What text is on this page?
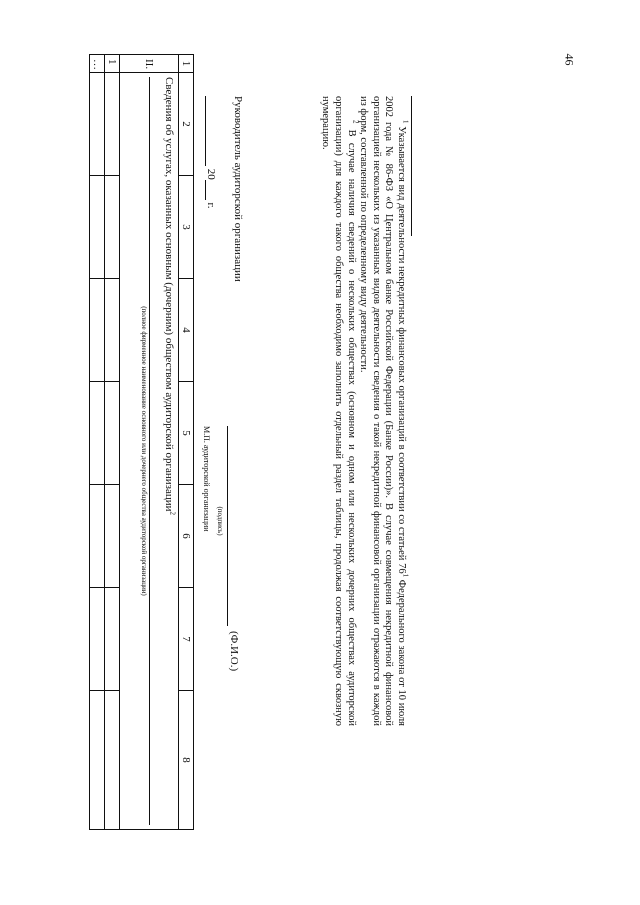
46
1	2	3	4	5	6	7	8
II.	Сведения об услугах, оказанных основным (дочерним) обществом аудиторской организации$^2$
(полное фирменное наименование основного или дочернего общества аудиторской организации)						

1							
…							
Руководитель аудиторской организации
(Ф.И.О.)
(подпись)
М.П. аудиторской организации
20 г.

$^1$ Указывается вид деятельности некредитных финансовых организаций в соответствии со статьей $76^1$ Федерального закона от 10 июля 2002 года № 86-ФЗ «О Центральном банке Российской Федерации (Банке России)». В случае совмещения некредитной финансовой организацией нескольких из указанных видов деятельности сведения о такой некредитной финансовой организации отражаются в каждой из форм, составленной по определенному виду деятельности.

$^2$ В случае наличия сведений о нескольких обществах (основном и одном или нескольких дочерних обществах аудиторской организации) для каждого такого общества необходимо заполнить отдельный раздел таблицы, продолжая соответствующую сквозную нумерацию.
